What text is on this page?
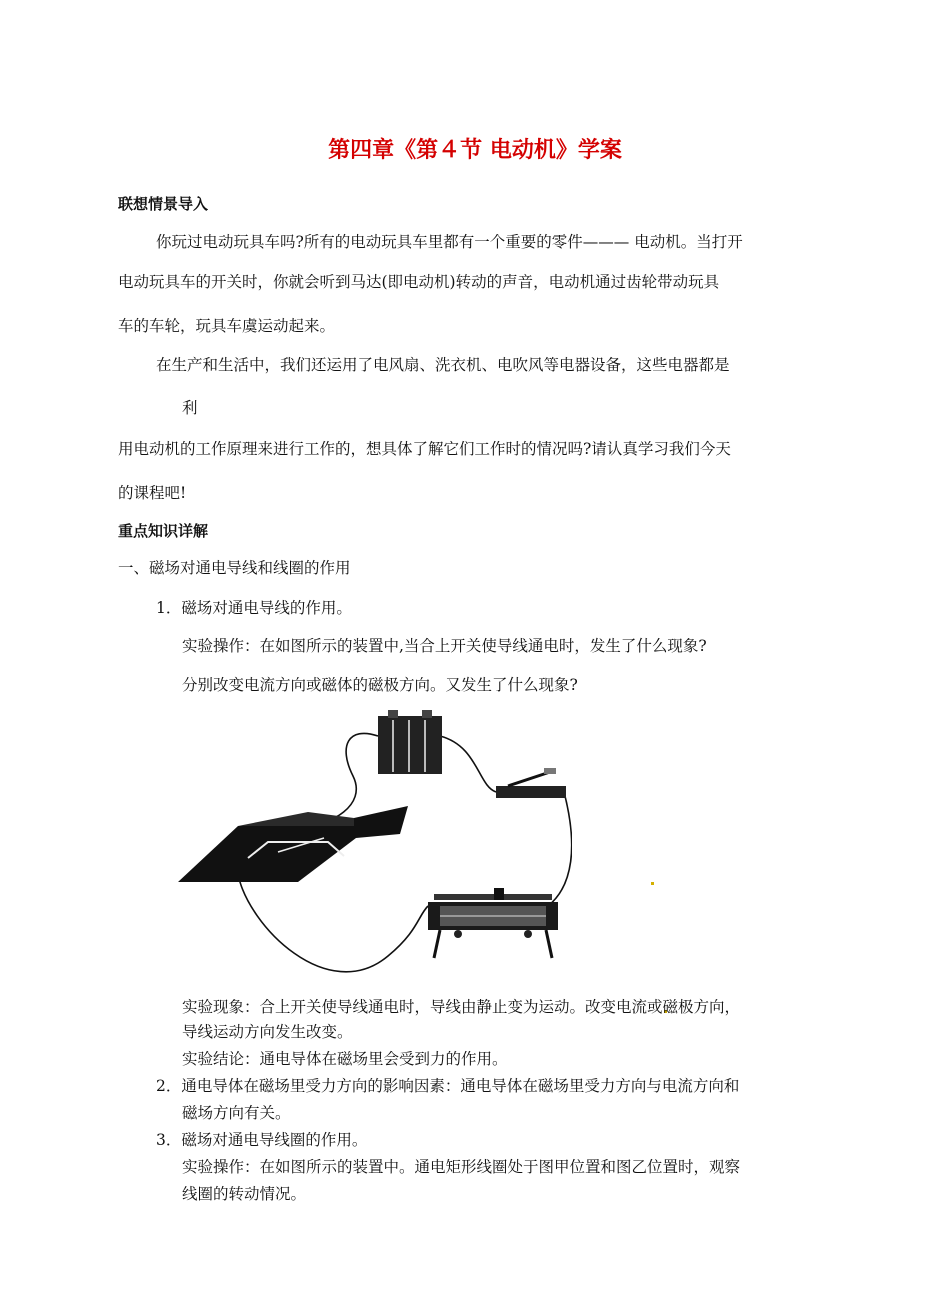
第四章《第４节 电动机》学案
联想情景导入
你玩过电动玩具车吗?所有的电动玩具车里都有一个重要的零件——— 电动机。当打开
电动玩具车的开关时，你就会听到马达(即电动机)转动的声音，电动机通过齿轮带动玩具
车的车轮，玩具车虞运动起来。
在生产和生活中，我们还运用了电风扇、洗衣机、电吹风等电器设备，这些电器都是
利
用电动机的工作原理来进行工作的，想具体了解它们工作时的情况吗?请认真学习我们今天
的课程吧!
重点知识详解
一、磁场对通电导线和线圈的作用
1．磁场对通电导线的作用。
实验操作：在如图所示的装置中,当合上开关使导线通电时，发生了什么现象?
分别改变电流方向或磁体的磁极方向。又发生了什么现象?
实验现象：合上开关使导线通电时，导线由静止变为运动。改变电流或磁极方向，
导线运动方向发生改变。
实验结论：通电导体在磁场里会受到力的作用。
2．通电导体在磁场里受力方向的影响因素：通电导体在磁场里受力方向与电流方向和
磁场方向有关。
3．磁场对通电导线圈的作用。
实验操作：在如图所示的装置中。通电矩形线圈处于图甲位置和图乙位置时，观察
线圈的转动情况。
